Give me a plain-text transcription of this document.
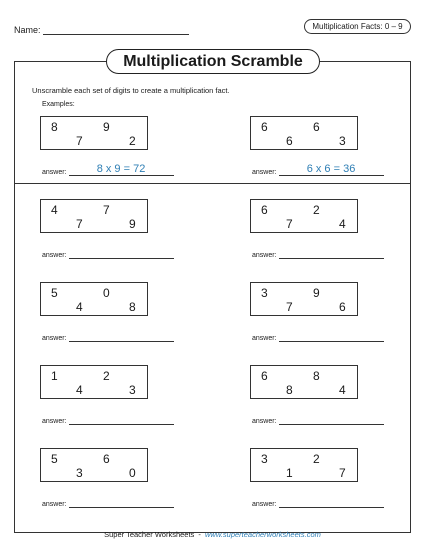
Name:	Multiplication Facts: 0 – 9
Multiplication Scramble
Unscramble each set of digits to create a multiplication fact.
Examples:
8	9
7	2
answer:	8 x 9 = 72
6	6
6	3
answer:	6 x 6 = 36
4	7
7	9
answer:
6	2
7	4
answer:
5	0
4	8
answer:
3	9
7	6
answer:
1	2
4	3
answer:
6	8
8	4
answer:
5	6
3	0
answer:
3	2
1	7
answer:
Super Teacher Worksheets - www.superteacherworksheets.com
